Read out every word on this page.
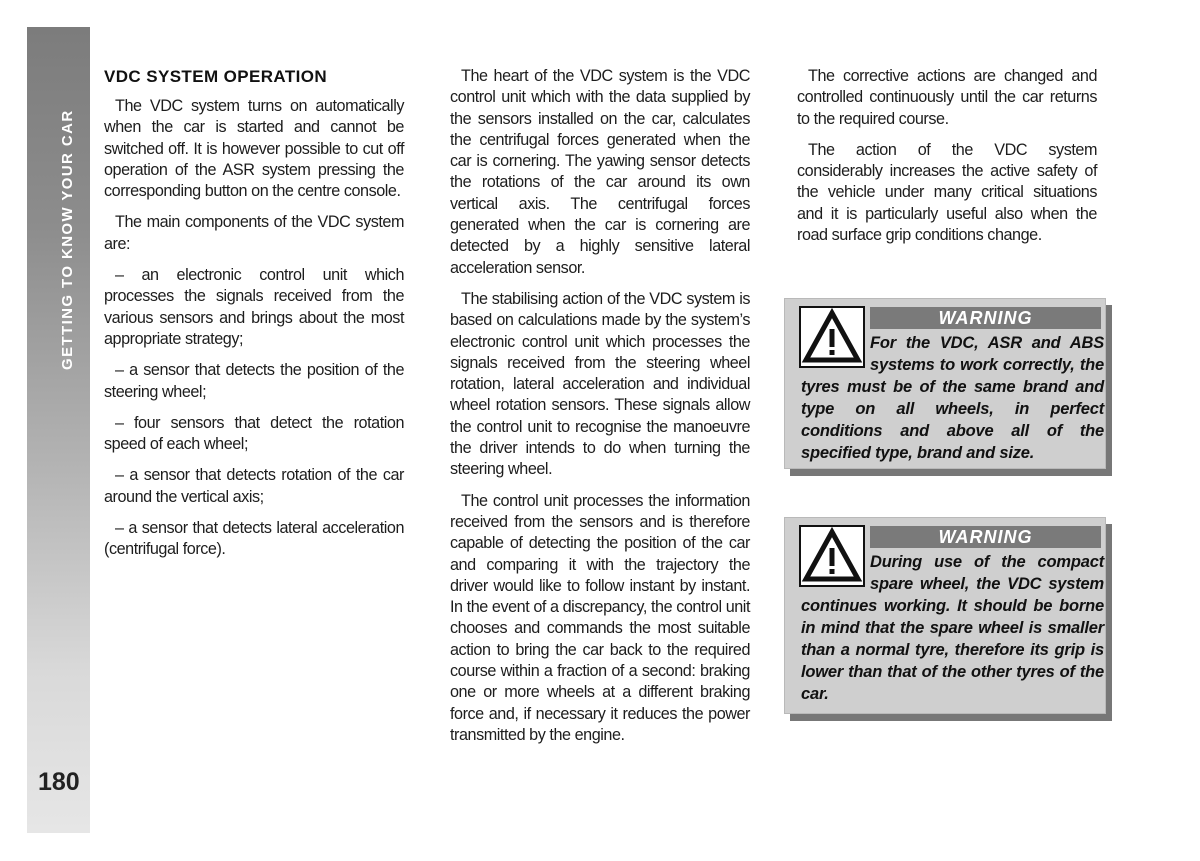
GETTING TO KNOW YOUR CAR
180
VDC SYSTEM OPERATION

The VDC system turns on automatically when the car is started and cannot be switched off. It is however possible to cut off operation of the ASR system pressing the corresponding button on the centre console.

The main components of the VDC system are:

– an electronic control unit which processes the signals received from the various sensors and brings about the most appropriate strategy;

– a sensor that detects the position of the steering wheel;

– four sensors that detect the rotation speed of each wheel;

– a sensor that detects rotation of the car around the vertical axis;

– a sensor that detects lateral acceleration (centrifugal force).

The heart of the VDC system is the VDC control unit which with the data supplied by the sensors installed on the car, calculates the centrifugal forces generated when the car is cornering. The yawing sensor detects the rotations of the car around its own vertical axis. The centrifugal forces generated when the car is cornering are detected by a highly sensitive lateral acceleration sensor.

The stabilising action of the VDC system is based on calculations made by the system’s electronic control unit which processes the signals received from the steering wheel rotation, lateral acceleration and individual wheel rotation sensors. These signals allow the control unit to recognise the manoeuvre the driver intends to do when turning the steering wheel.

The control unit processes the information received from the sensors and is therefore capable of detecting the position of the car and comparing it with the trajectory the driver would like to follow instant by instant. In the event of a discrepancy, the control unit chooses and commands the most suitable action to bring the car back to the required course within a fraction of a second: braking one or more wheels at a different braking force and, if necessary it reduces the power transmitted by the engine.

The corrective actions are changed and controlled continuously until the car returns to the required course.

The action of the VDC system considerably increases the active safety of the vehicle under many critical situations and it is particularly useful also when the road surface grip conditions change.

WARNING
For the VDC, ASR and ABS systems to work correctly, the tyres must be of the same brand and type on all wheels, in perfect conditions and above all of the specified type, brand and size.
WARNING
During use of the compact spare wheel, the VDC system continues working. It should be borne in mind that the spare wheel is smaller than a normal tyre, therefore its grip is lower than that of the other tyres of the car.
